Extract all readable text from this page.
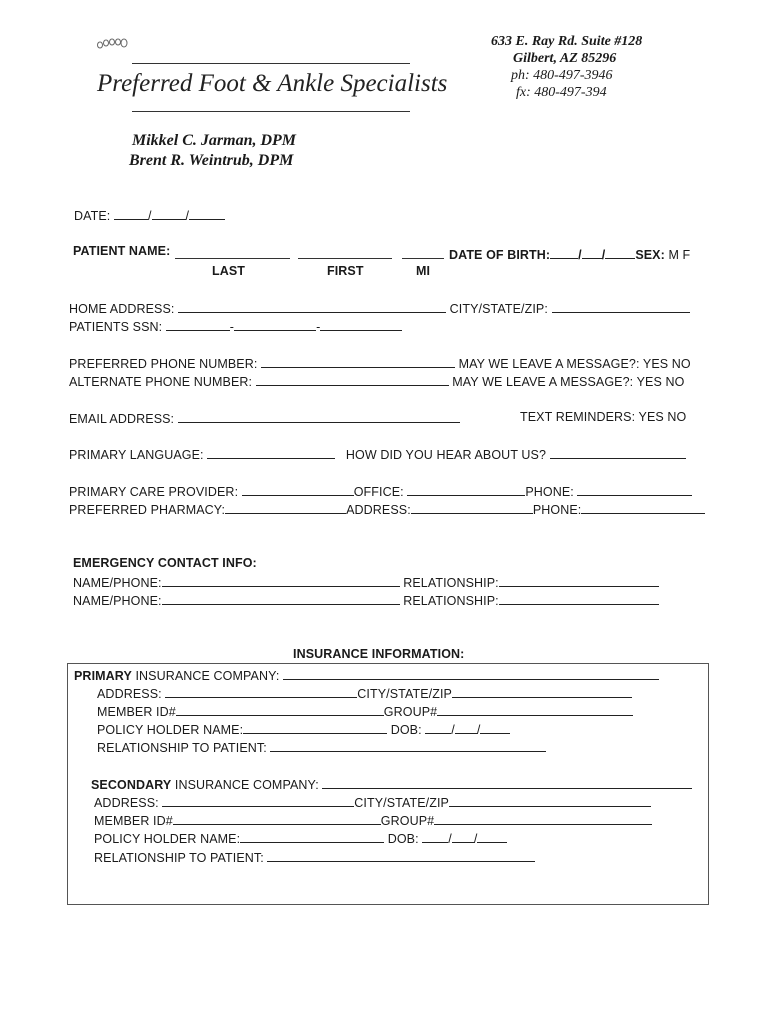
Preferred Foot & Ankle Specialists
633 E. Ray Rd. Suite #128
Gilbert, AZ 85296
ph: 480-497-3946
fx: 480-497-394
Mikkel C. Jarman, DPM
Brent R. Weintrub, DPM
DATE:	/	/
PATIENT NAME:	DATE OF BIRTH: / / SEX: M F
LAST	FIRST	MI
HOME ADDRESS:	CITY/STATE/ZIP:
PATIENTS SSN:	-	-
PREFERRED PHONE NUMBER:	MAY WE LEAVE A MESSAGE?: YES NO
ALTERNATE PHONE NUMBER:	MAY WE LEAVE A MESSAGE?: YES NO
EMAIL ADDRESS:	TEXT REMINDERS: YES NO
PRIMARY LANGUAGE:	HOW DID YOU HEAR ABOUT US?
PRIMARY CARE PROVIDER:	OFFICE:	PHONE:
PREFERRED PHARMACY:	ADDRESS:	PHONE:
EMERGENCY CONTACT INFO:
NAME/PHONE:	RELATIONSHIP:
NAME/PHONE:	RELATIONSHIP:
INSURANCE INFORMATION:
PRIMARY INSURANCE COMPANY:
ADDRESS:	CITY/STATE/ZIP
MEMBER ID#	GROUP#
POLICY HOLDER NAME:	DOB: / /
RELATIONSHIP TO PATIENT:
SECONDARY INSURANCE COMPANY:
ADDRESS:	CITY/STATE/ZIP
MEMBER ID#	GROUP#
POLICY HOLDER NAME:	DOB: / /
RELATIONSHIP TO PATIENT:
